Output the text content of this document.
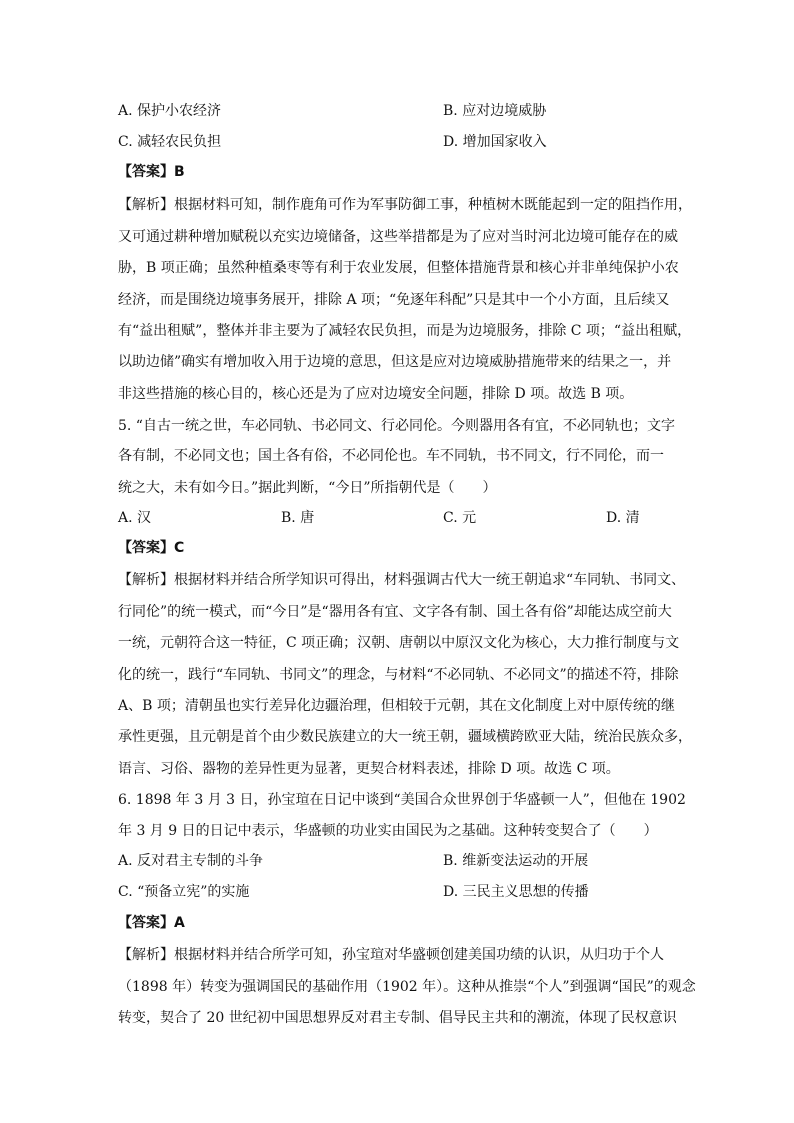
A. 保护小农经济	B. 应对边境威胁
C. 减轻农民负担	D. 增加国家收入
【答案】B
【解析】根据材料可知，制作鹿角可作为军事防御工事，种植树木既能起到一定的阻挡作用，
又可通过耕种增加赋税以充实边境储备，这些举措都是为了应对当时河北边境可能存在的威
胁，B 项正确；虽然种植桑枣等有利于农业发展，但整体措施背景和核心并非单纯保护小农
经济，而是围绕边境事务展开，排除 A 项；“免逐年科配”只是其中一个小方面，且后续又
有“益出租赋”，整体并非主要为了减轻农民负担，而是为边境服务，排除 C 项；“益出租赋，
以助边储”确实有增加收入用于边境的意思，但这是应对边境威胁措施带来的结果之一，并
非这些措施的核心目的，核心还是为了应对边境安全问题，排除 D 项。故选 B 项。
5. “自古一统之世，车必同轨、书必同文、行必同伦。今则器用各有宜，不必同轨也；文字
各有制，不必同文也；国土各有俗，不必同伦也。车不同轨，书不同文，行不同伦，而一
统之大，未有如今日。”据此判断，“今日”所指朝代是（　　）
A. 汉	B. 唐	C. 元	D. 清
【答案】C
【解析】根据材料并结合所学知识可得出，材料强调古代大一统王朝追求“车同轨、书同文、
行同伦”的统一模式，而“今日”是“器用各有宜、文字各有制、国土各有俗”却能达成空前大
一统，元朝符合这一特征，C 项正确；汉朝、唐朝以中原汉文化为核心，大力推行制度与文
化的统一，践行“车同轨、书同文”的理念，与材料“不必同轨、不必同文”的描述不符，排除
A、B 项；清朝虽也实行差异化边疆治理，但相较于元朝，其在文化制度上对中原传统的继
承性更强，且元朝是首个由少数民族建立的大一统王朝，疆域横跨欧亚大陆，统治民族众多，
语言、习俗、器物的差异性更为显著，更契合材料表述，排除 D 项。故选 C 项。
6. 1898 年 3 月 3 日，孙宝瑄在日记中谈到“美国合众世界创于华盛顿一人”，但他在 1902
年 3 月 9 日的日记中表示，华盛顿的功业实由国民为之基础。这种转变契合了（　　）
A. 反对君主专制的斗争	B. 维新变法运动的开展
C. “预备立宪”的实施	D. 三民主义思想的传播
【答案】A
【解析】根据材料并结合所学可知，孙宝瑄对华盛顿创建美国功绩的认识，从归功于个人
（1898 年）转变为强调国民的基础作用（1902 年）。这种从推崇“个人”到强调“国民”的观念
转变，契合了 20 世纪初中国思想界反对君主专制、倡导民主共和的潮流，体现了民权意识
